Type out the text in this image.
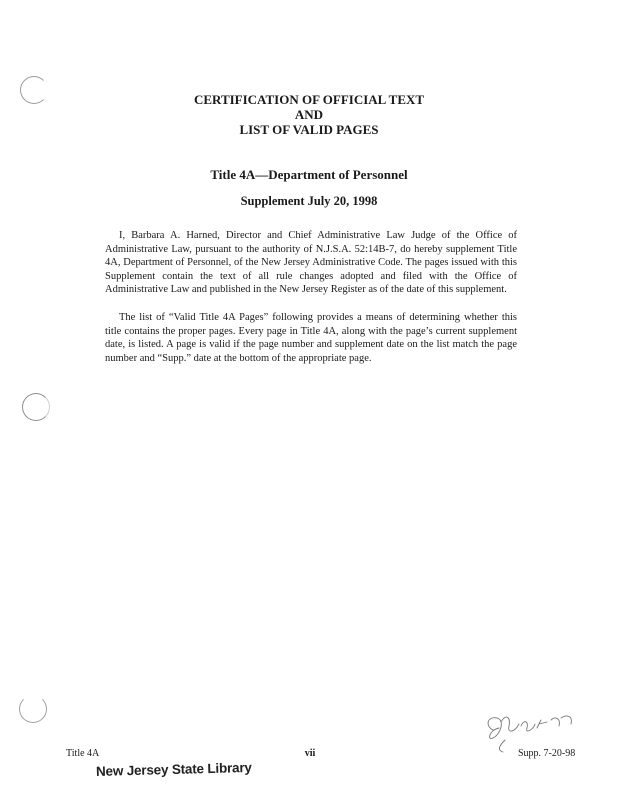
CERTIFICATION OF OFFICIAL TEXT
AND
LIST OF VALID PAGES
Title 4A—Department of Personnel
Supplement July 20, 1998

I, Barbara A. Harned, Director and Chief Administrative Law Judge of the Office of Administrative Law, pursuant to the authority of N.J.S.A. 52:14B-7, do hereby supplement Title 4A, Department of Personnel, of the New Jersey Administrative Code. The pages issued with this Supplement contain the text of all rule changes adopted and filed with the Office of Administrative Law and published in the New Jersey Register as of the date of this supplement.

The list of “Valid Title 4A Pages” following provides a means of determining whether this title contains the proper pages. Every page in Title 4A, along with the page’s current supplement date, is listed. A page is valid if the page number and supplement date on the list match the page number and “Supp.” date at the bottom of the appropriate page.

Title 4A	vii	Supp. 7-20-98
New Jersey State Library
